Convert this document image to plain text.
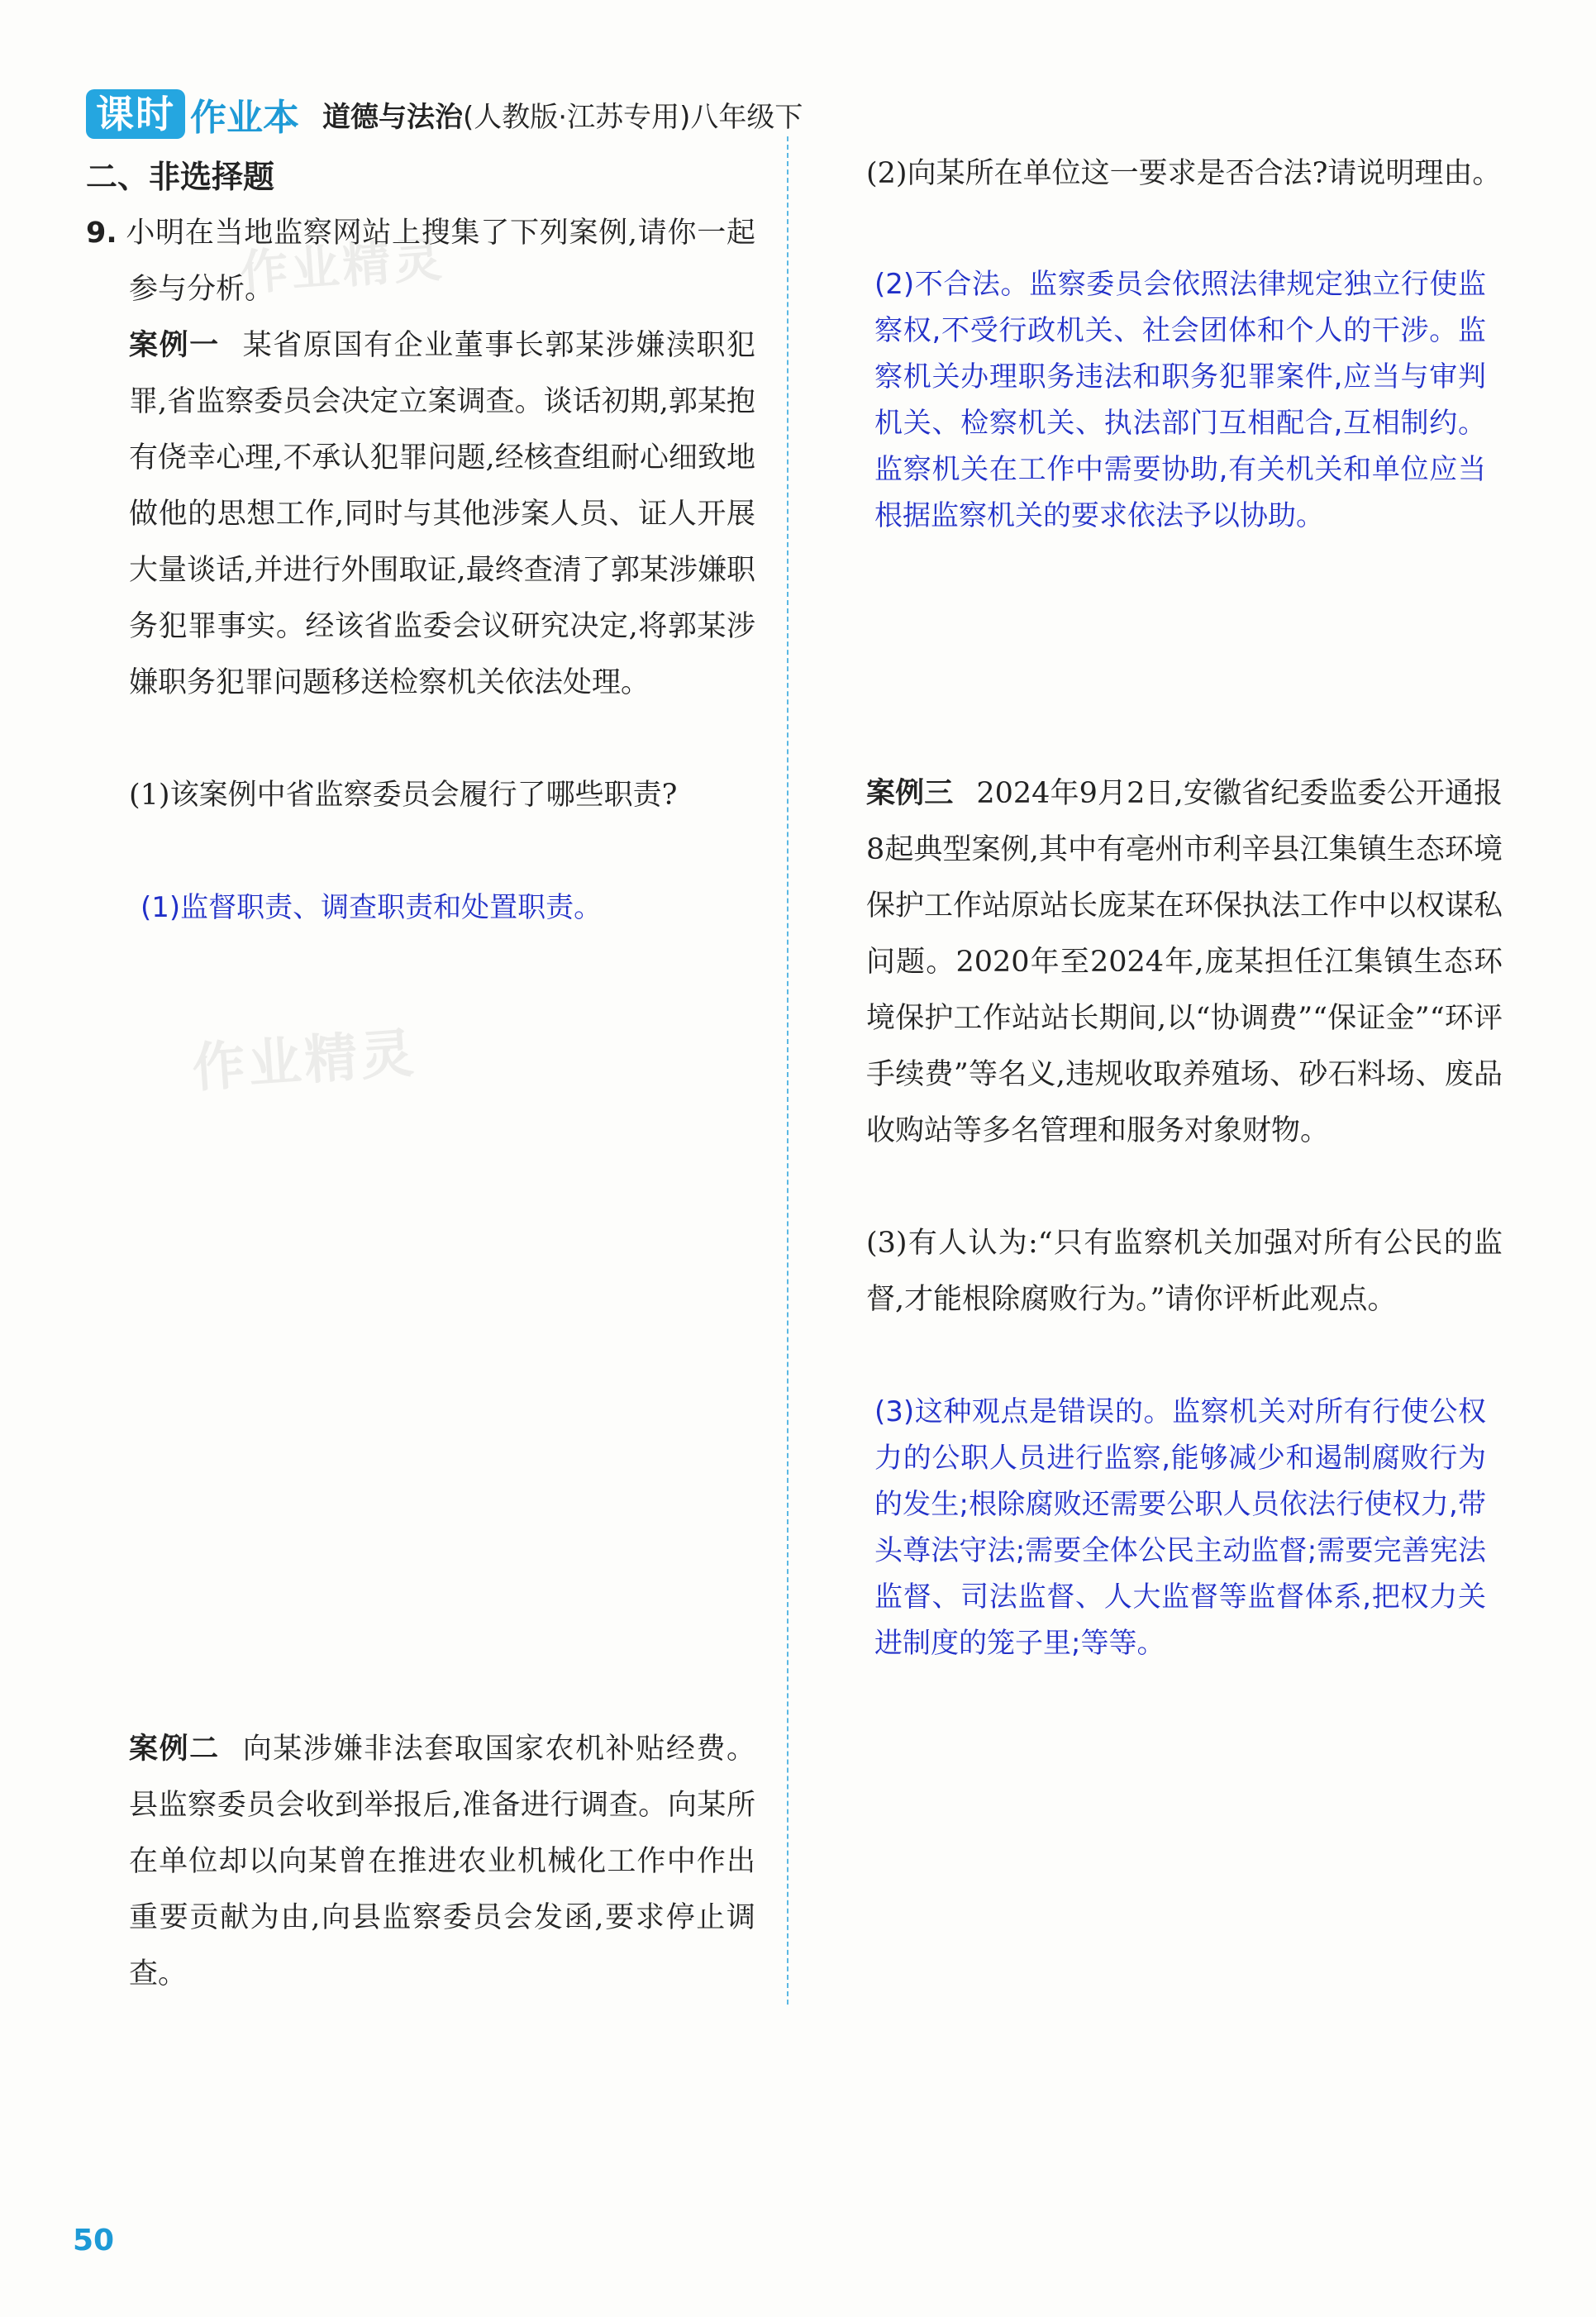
课时 作业本 道德与法治 (人教版·江苏专用)八年级下
二、非选择题

9. 小明在当地监察网站上搜集了下列案例,请你一起参与分析。

案例一 某省原国有企业董事长郭某涉嫌渎职犯罪,省监察委员会决定立案调查。谈话初期,郭某抱有侥幸心理,不承认犯罪问题,经核查组耐心细致地做他的思想工作,同时与其他涉案人员、证人开展大量谈话,并进行外围取证,最终查清了郭某涉嫌职务犯罪事实。经该省监委会议研究决定,将郭某涉嫌职务犯罪问题移送检察机关依法处理。

(1)该案例中省监察委员会履行了哪些职责?

(1)监督职责、调查职责和处置职责。

案例二 向某涉嫌非法套取国家农机补贴经费。县监察委员会收到举报后,准备进行调查。向某所在单位却以向某曾在推进农业机械化工作中作出重要贡献为由,向县监察委员会发函,要求停止调查。

(2)向某所在单位这一要求是否合法?请说明理由。

(2)不合法。监察委员会依照法律规定独立行使监察权,不受行政机关、社会团体和个人的干涉。监察机关办理职务违法和职务犯罪案件,应当与审判机关、检察机关、执法部门互相配合,互相制约。监察机关在工作中需要协助,有关机关和单位应当根据监察机关的要求依法予以协助。

案例三 2024年9月2日,安徽省纪委监委公开通报8起典型案例,其中有亳州市利辛县江集镇生态环境保护工作站原站长庞某在环保执法工作中以权谋私问题。2020年至2024年,庞某担任江集镇生态环境保护工作站站长期间,以“协调费”“保证金”“环评手续费”等名义,违规收取养殖场、砂石料场、废品收购站等多名管理和服务对象财物。

(3)有人认为:“只有监察机关加强对所有公民的监督,才能根除腐败行为。”请你评析此观点。

(3)这种观点是错误的。监察机关对所有行使公权力的公职人员进行监察,能够减少和遏制腐败行为的发生;根除腐败还需要公职人员依法行使权力,带头尊法守法;需要全体公民主动监督;需要完善宪法监督、司法监督、人大监督等监督体系,把权力关进制度的笼子里;等等。

作业精灵
作业精灵
50
